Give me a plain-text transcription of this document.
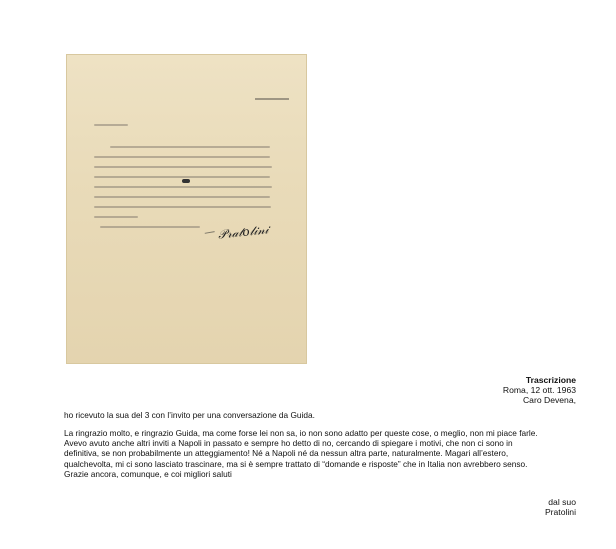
𝒫𝓇𝒶𝓉𝑜𝓁𝒾𝓃𝒾
Trascrizione
Roma, 12 ott. 1963
Caro Devena,
ho ricevuto la sua del 3 con l’invito per una conversazione da Guida.
La ringrazio molto, e ringrazio Guida, ma come forse lei non sa, io non sono adatto per queste cose, o meglio, non mi piace farle.
Avevo avuto anche altri inviti a Napoli in passato e sempre ho detto di no, cercando di spiegare i motivi, che non ci sono in
definitiva, se non probabilmente un atteggiamento! Né a Napoli né da nessun altra parte, naturalmente. Magari all’estero,
qualchevolta, mi ci sono lasciato trascinare, ma si è sempre trattato di “domande e risposte” che in Italia non avrebbero senso.
Grazie ancora, comunque, e coi migliori saluti
dal suo
Pratolini
